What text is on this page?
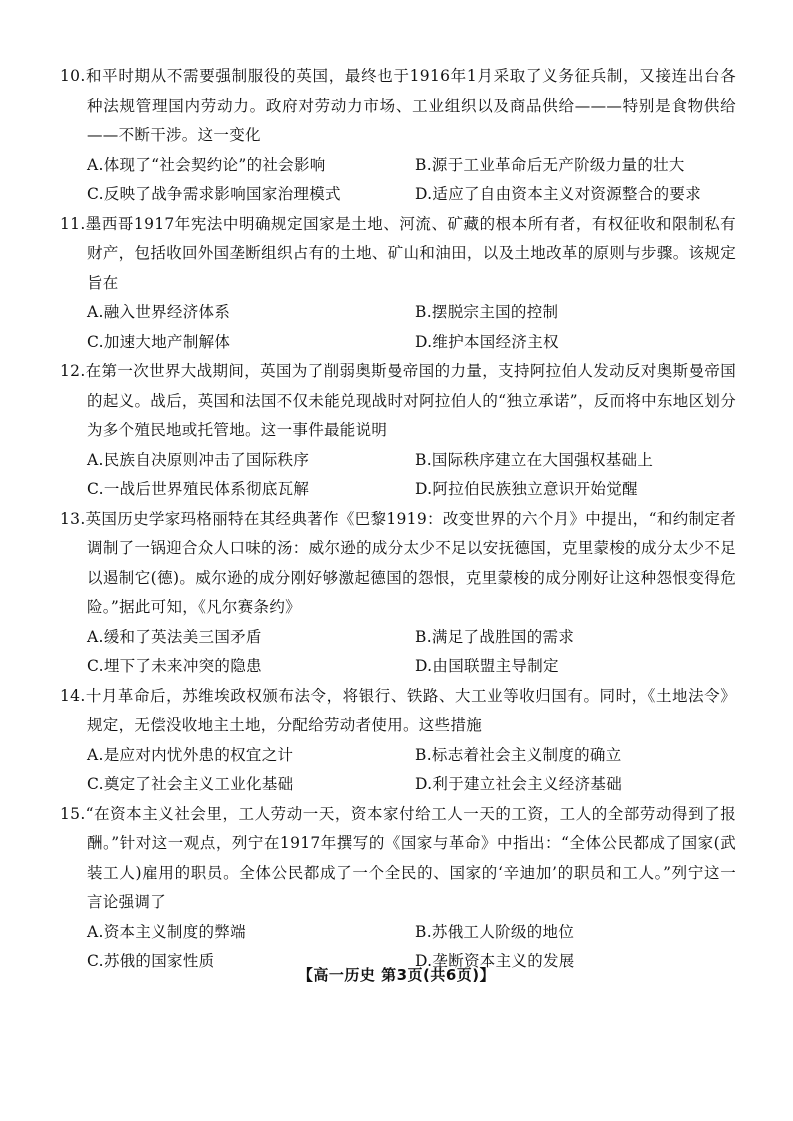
10.和平时期从不需要强制服役的英国，最终也于1916年1月采取了义务征兵制，又接连出台各种法规管理国内劳动力。政府对劳动力市场、工业组织以及商品供给———特别是食物供给——不断干涉。这一变化
A.体现了“社会契约论”的社会影响	B.源于工业革命后无产阶级力量的壮大
C.反映了战争需求影响国家治理模式	D.适应了自由资本主义对资源整合的要求
11.墨西哥1917年宪法中明确规定国家是土地、河流、矿藏的根本所有者，有权征收和限制私有财产，包括收回外国垄断组织占有的土地、矿山和油田，以及土地改革的原则与步骤。该规定旨在
A.融入世界经济体系	B.摆脱宗主国的控制
C.加速大地产制解体	D.维护本国经济主权
12.在第一次世界大战期间，英国为了削弱奥斯曼帝国的力量，支持阿拉伯人发动反对奥斯曼帝国的起义。战后，英国和法国不仅未能兑现战时对阿拉伯人的“独立承诺”，反而将中东地区划分为多个殖民地或托管地。这一事件最能说明
A.民族自决原则冲击了国际秩序	B.国际秩序建立在大国强权基础上
C.一战后世界殖民体系彻底瓦解	D.阿拉伯民族独立意识开始觉醒
13.英国历史学家玛格丽特在其经典著作《巴黎1919：改变世界的六个月》中提出，“和约制定者调制了一锅迎合众人口味的汤：威尔逊的成分太少不足以安抚德国，克里蒙梭的成分太少不足以遏制它(德)。威尔逊的成分刚好够激起德国的怨恨，克里蒙梭的成分刚好让这种怨恨变得危险。”据此可知，《凡尔赛条约》
A.缓和了英法美三国矛盾	B.满足了战胜国的需求
C.埋下了未来冲突的隐患	D.由国联盟主导制定
14.十月革命后，苏维埃政权颁布法令，将银行、铁路、大工业等收归国有。同时，《土地法令》规定，无偿没收地主土地，分配给劳动者使用。这些措施
A.是应对内忧外患的权宜之计	B.标志着社会主义制度的确立
C.奠定了社会主义工业化基础	D.利于建立社会主义经济基础
15.“在资本主义社会里，工人劳动一天，资本家付给工人一天的工资，工人的全部劳动得到了报酬。”针对这一观点，列宁在1917年撰写的《国家与革命》中指出：“全体公民都成了国家(武装工人)雇用的职员。全体公民都成了一个全民的、国家的‘辛迪加’的职员和工人。”列宁这一言论强调了
A.资本主义制度的弊端	B.苏俄工人阶级的地位
C.苏俄的国家性质	D.垄断资本主义的发展
【高一历史 第3页(共6页)】
